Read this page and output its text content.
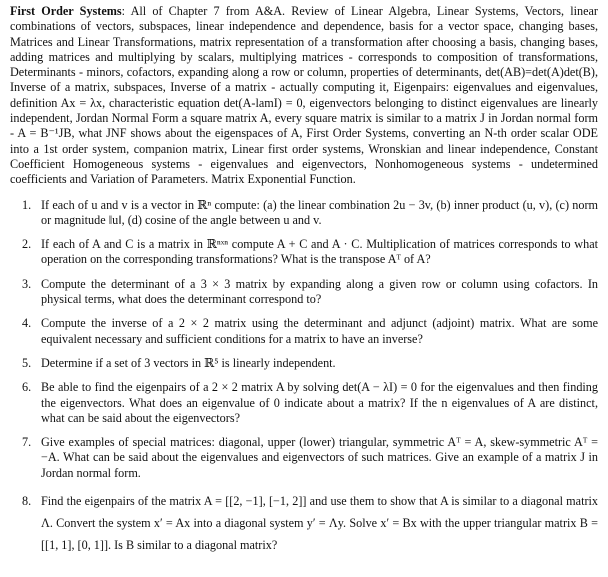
First Order Systems: All of Chapter 7 from A&A. Review of Linear Algebra, Linear Systems, Vectors, linear combinations of vectors, subspaces, linear independence and dependence, basis for a vector space, changing bases, Matrices and Linear Transformations, matrix representation of a transformation after choosing a basis, changing bases, adding matrices and multiplying by scalars, multiplying matrices - corresponds to composition of transformations, Determinants - minors, cofactors, expanding along a row or column, properties of determinants, det(AB)=det(A)det(B), Inverse of a matrix, subspaces, Inverse of a matrix - actually computing it, Eigenpairs: eigenvalues and eigenvalues, definition Ax = λx, characteristic equation det(A-lamI) = 0, eigenvectors belonging to distinct eigenvalues are linearly independent, Jordan Normal Form a square matrix A, every square matrix is similar to a matrix J in Jordan normal form - A = B⁻¹JB, what JNF shows about the eigenspaces of A, First Order Systems, converting an N-th order scalar ODE into a 1st order system, companion matrix, Linear first order systems, Wronskian and linear independence, Constant Coefficient Homogeneous systems - eigenvalues and eigenvectors, Nonhomogeneous systems - undetermined coefficients and Variation of Parameters. Matrix Exponential Function.

1. If each of u and v is a vector in ℝⁿ compute: (a) the linear combination 2u − 3v, (b) inner product (u, v), (c) norm or magnitude ‖u‖, (d) cosine of the angle between u and v.
2. If each of A and C is a matrix in ℝⁿˣⁿ compute A + C and A · C. Multiplication of matrices corresponds to what operation on the corresponding transformations? What is the transpose Aᵀ of A?
3. Compute the determinant of a 3 × 3 matrix by expanding along a given row or column using cofactors. In physical terms, what does the determinant correspond to?
4. Compute the inverse of a 2 × 2 matrix using the determinant and adjunct (adjoint) matrix. What are some equivalent necessary and sufficient conditions for a matrix to have an inverse?
5. Determine if a set of 3 vectors in ℝ⁵ is linearly independent.
6. Be able to find the eigenpairs of a 2 × 2 matrix A by solving det(A − λI) = 0 for the eigenvalues and then finding the eigenvectors. What does an eigenvalue of 0 indicate about a matrix? If the n eigenvalues of A are distinct, what can be said about the eigenvectors?
7. Give examples of special matrices: diagonal, upper (lower) triangular, symmetric Aᵀ = A, skew-symmetric Aᵀ = −A. What can be said about the eigenvalues and eigenvectors of such matrices. Give an example of a matrix J in Jordan normal form.
8. Find the eigenpairs of the matrix A = [[2, −1], [−1, 2]] and use them to show that A is similar to a diagonal matrix Λ. Convert the system x′ = Ax into a diagonal system y′ = Λy. Solve x′ = Bx with the upper triangular matrix B = [[1, 1], [0, 1]]. Is B similar to a diagonal matrix?
